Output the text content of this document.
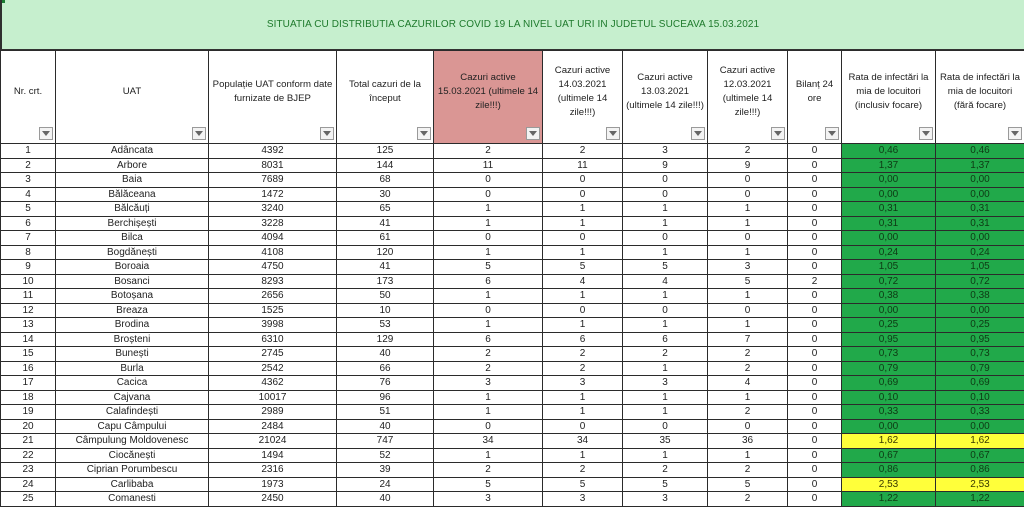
SITUATIA CU DISTRIBUTIA CAZURILOR COVID 19 LA NIVEL UAT URI IN JUDETUL SUCEAVA 15.03.2021
Nr. crt.	UAT	Populație UAT conform date furnizate de BJEP	Total cazuri de la început	Cazuri active 15.03.2021 (ultimele 14 zile!!!)	Cazuri active 14.03.2021 (ultimele 14 zile!!!)	Cazuri active 13.03.2021 (ultimele 14 zile!!!)	Cazuri active 12.03.2021 (ultimele 14 zile!!!)	Bilanț 24 ore	Rata de infectări la mia de locuitori (inclusiv focare)	Rata de infectări la mia de locuitori (fără focare)

1	Adâncata	4392	125	2	2	3	2	0	0,46	0,46
2	Arbore	8031	144	11	11	9	9	0	1,37	1,37
3	Baia	7689	68	0	0	0	0	0	0,00	0,00
4	Bălăceana	1472	30	0	0	0	0	0	0,00	0,00
5	Bălcăuți	3240	65	1	1	1	1	0	0,31	0,31
6	Berchișești	3228	41	1	1	1	1	0	0,31	0,31
7	Bilca	4094	61	0	0	0	0	0	0,00	0,00
8	Bogdănești	4108	120	1	1	1	1	0	0,24	0,24
9	Boroaia	4750	41	5	5	5	3	0	1,05	1,05
10	Bosanci	8293	173	6	4	4	5	2	0,72	0,72
11	Botoșana	2656	50	1	1	1	1	0	0,38	0,38
12	Breaza	1525	10	0	0	0	0	0	0,00	0,00
13	Brodina	3998	53	1	1	1	1	0	0,25	0,25
14	Broșteni	6310	129	6	6	6	7	0	0,95	0,95
15	Bunești	2745	40	2	2	2	2	0	0,73	0,73
16	Burla	2542	66	2	2	1	2	0	0,79	0,79
17	Cacica	4362	76	3	3	3	4	0	0,69	0,69
18	Cajvana	10017	96	1	1	1	1	0	0,10	0,10
19	Calafindești	2989	51	1	1	1	2	0	0,33	0,33
20	Capu Câmpului	2484	40	0	0	0	0	0	0,00	0,00
21	Câmpulung Moldovenesc	21024	747	34	34	35	36	0	1,62	1,62
22	Ciocănești	1494	52	1	1	1	1	0	0,67	0,67
23	Ciprian Porumbescu	2316	39	2	2	2	2	0	0,86	0,86
24	Carlibaba	1973	24	5	5	5	5	0	2,53	2,53
25	Comanesti	2450	40	3	3	3	2	0	1,22	1,22
